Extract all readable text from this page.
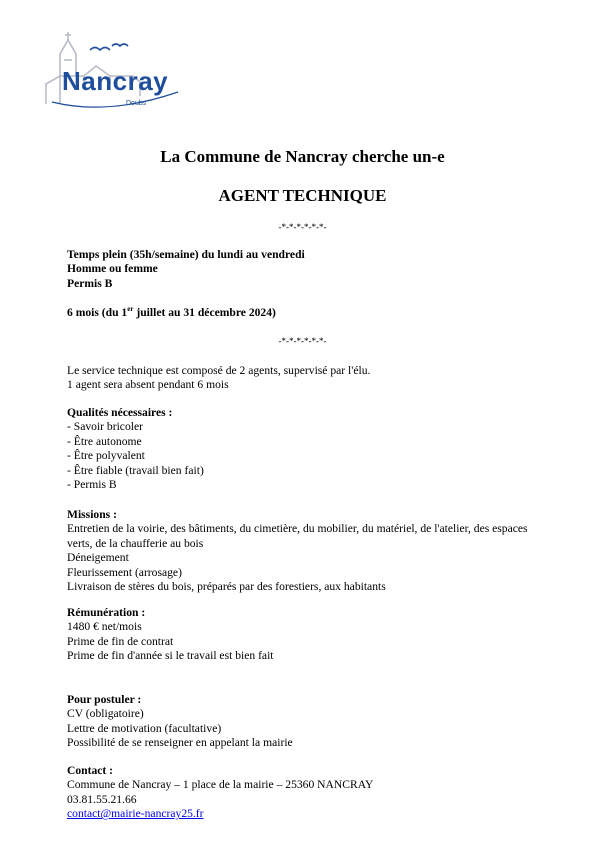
Nancray
Doubs
La Commune de Nancray cherche un-e
AGENT TECHNIQUE
-*-*-*-*-*-*-
Temps plein (35h/semaine) du lundi au vendredi
Homme ou femme
Permis B
6 mois (du 1er juillet au 31 décembre 2024)
-*-*-*-*-*-*-
Le service technique est composé de 2 agents, supervisé par l'élu.
1 agent sera absent pendant 6 mois
Qualités nécessaires :
- Savoir bricoler
- Être autonome
- Être polyvalent
- Être fiable (travail bien fait)
- Permis B
Missions :
Entretien de la voirie, des bâtiments, du cimetière, du mobilier, du matériel, de l'atelier, des espaces
verts, de la chaufferie au bois
Déneigement
Fleurissement (arrosage)
Livraison de stères du bois, préparés par des forestiers, aux habitants
Rémunération :
1480 € net/mois
Prime de fin de contrat
Prime de fin d'année si le travail est bien fait
Pour postuler :
CV (obligatoire)
Lettre de motivation (facultative)
Possibilité de se renseigner en appelant la mairie
Contact :
Commune de Nancray – 1 place de la mairie – 25360 NANCRAY
03.81.55.21.66
contact@mairie-nancray25.fr
